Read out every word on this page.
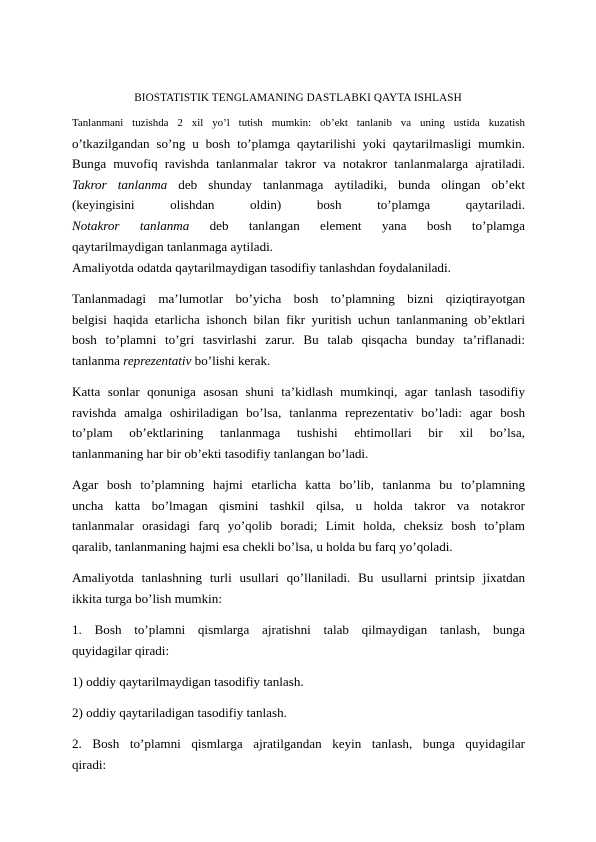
BIOSTATISTIK TENGLAMANING DASTLABKI QAYTA ISHLASH
Tanlanmani tuzishda 2 xil yo’l tutish mumkin: ob’ekt tanlanib va uning ustida kuzatish
o’tkazilgandan so’ng u bosh to’plamga qaytarilishi yoki qaytarilmasligi mumkin.
Bunga muvofiq ravishda tanlanmalar takror va notakror tanlanmalarga ajratiladi.
Takror tanlanma deb shunday tanlanmaga aytiladiki, bunda olingan ob’ekt
(keyingisini olishdan oldin) bosh to’plamga qaytariladi.
Notakror tanlanma deb tanlangan element yana bosh to’plamga
qaytarilmaydigan tanlanmaga aytiladi.
Amaliyotda odatda qaytarilmaydigan tasodifiy tanlashdan foydalaniladi.
Tanlanmadagi ma’lumotlar bo’yicha bosh to’plamning bizni qiziqtirayotgan
belgisi haqida etarlicha ishonch bilan fikr yuritish uchun tanlanmaning ob’ektlari
bosh to’plamni to’gri tasvirlashi zarur. Bu talab qisqacha bunday ta’riflanadi:
tanlanma reprezentativ bo’lishi kerak.
Katta sonlar qonuniga asosan shuni ta’kidlash mumkinqi, agar tanlash tasodifiy
ravishda amalga oshiriladigan bo’lsa, tanlanma reprezentativ bo’ladi: agar bosh
to’plam ob’ektlarining tanlanmaga tushishi ehtimollari bir xil bo’lsa,
tanlanmaning har bir ob’ekti tasodifiy tanlangan bo’ladi.
Agar bosh to’plamning hajmi etarlicha katta bo’lib, tanlanma bu to’plamning
uncha katta bo’lmagan qismini tashkil qilsa, u holda takror va notakror
tanlanmalar orasidagi farq yo’qolib boradi; Limit holda, cheksiz bosh to’plam
qaralib, tanlanmaning hajmi esa chekli bo’lsa, u holda bu farq yo’qoladi.
Amaliyotda tanlashning turli usullari qo’llaniladi. Bu usullarni printsip jixatdan
ikkita turga bo’lish mumkin:
1. Bosh to’plamni qismlarga ajratishni talab qilmaydigan tanlash, bunga
quyidagilar qiradi:
1) oddiy qaytarilmaydigan tasodifiy tanlash.
2) oddiy qaytariladigan tasodifiy tanlash.
2. Bosh to’plamni qismlarga ajratilgandan keyin tanlash, bunga quyidagilar
qiradi:
